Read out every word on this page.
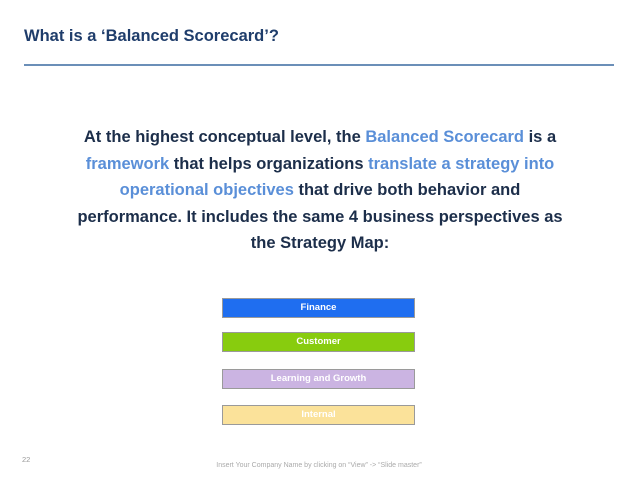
What is a ‘Balanced Scorecard’?
At the highest conceptual level, the Balanced Scorecard is a framework that helps organizations translate a strategy into operational objectives that drive both behavior and performance. It includes the same 4 business perspectives as the Strategy Map:
Finance
Customer
Learning and Growth
Internal
22
Insert Your Company Name by clicking on “View” -> “Slide master”
